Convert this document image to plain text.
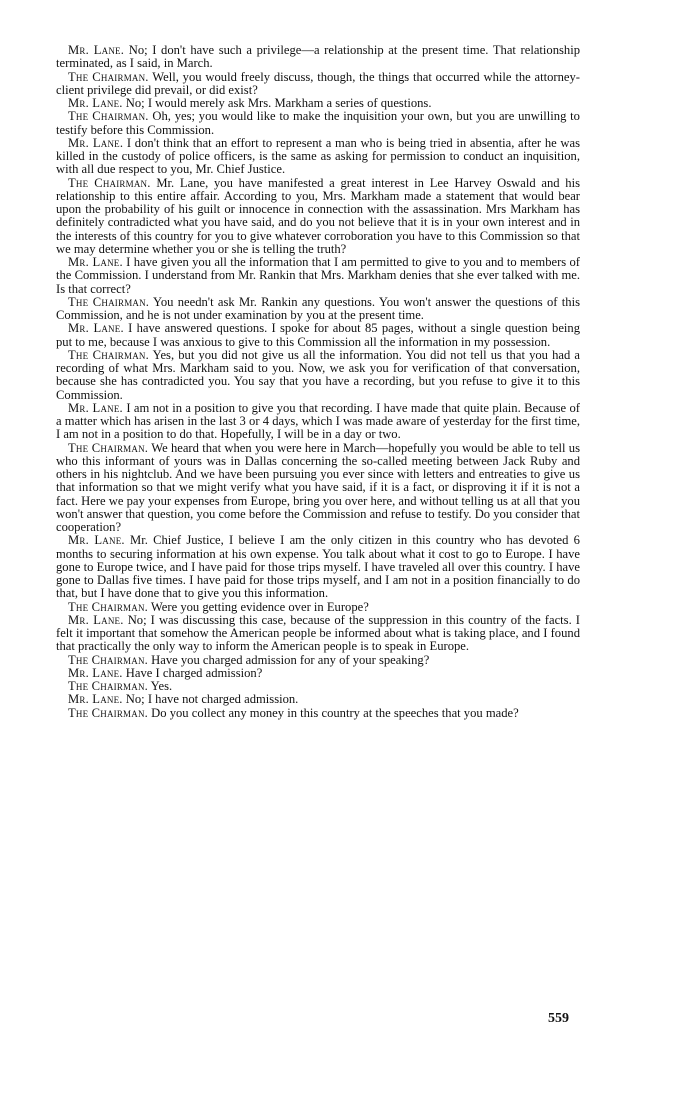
Mr. Lane. No; I don't have such a privilege—a relationship at the present time. That relationship terminated, as I said, in March.

The Chairman. Well, you would freely discuss, though, the things that occurred while the attorney-client privilege did prevail, or did exist?

Mr. Lane. No; I would merely ask Mrs. Markham a series of questions.

The Chairman. Oh, yes; you would like to make the inquisition your own, but you are unwilling to testify before this Commission.

Mr. Lane. I don't think that an effort to represent a man who is being tried in absentia, after he was killed in the custody of police officers, is the same as asking for permission to conduct an inquisition, with all due respect to you, Mr. Chief Justice.

The Chairman. Mr. Lane, you have manifested a great interest in Lee Harvey Oswald and his relationship to this entire affair. According to you, Mrs. Markham made a statement that would bear upon the probability of his guilt or innocence in connection with the assassination. Mrs Markham has definitely contradicted what you have said, and do you not believe that it is in your own interest and in the interests of this country for you to give whatever corroboration you have to this Commission so that we may determine whether you or she is telling the truth?

Mr. Lane. I have given you all the information that I am permitted to give to you and to members of the Commission. I understand from Mr. Rankin that Mrs. Markham denies that she ever talked with me. Is that correct?

The Chairman. You needn't ask Mr. Rankin any questions. You won't answer the questions of this Commission, and he is not under examination by you at the present time.

Mr. Lane. I have answered questions. I spoke for about 85 pages, without a single question being put to me, because I was anxious to give to this Commission all the information in my possession.

The Chairman. Yes, but you did not give us all the information. You did not tell us that you had a recording of what Mrs. Markham said to you. Now, we ask you for verification of that conversation, because she has contradicted you. You say that you have a recording, but you refuse to give it to this Commission.

Mr. Lane. I am not in a position to give you that recording. I have made that quite plain. Because of a matter which has arisen in the last 3 or 4 days, which I was made aware of yesterday for the first time, I am not in a position to do that. Hopefully, I will be in a day or two.

The Chairman. We heard that when you were here in March—hopefully you would be able to tell us who this informant of yours was in Dallas concerning the so-called meeting between Jack Ruby and others in his nightclub. And we have been pursuing you ever since with letters and entreaties to give us that information so that we might verify what you have said, if it is a fact, or disproving it if it is not a fact. Here we pay your expenses from Europe, bring you over here, and without telling us at all that you won't answer that question, you come before the Commission and refuse to testify. Do you consider that cooperation?

Mr. Lane. Mr. Chief Justice, I believe I am the only citizen in this country who has devoted 6 months to securing information at his own expense. You talk about what it cost to go to Europe. I have gone to Europe twice, and I have paid for those trips myself. I have traveled all over this country. I have gone to Dallas five times. I have paid for those trips myself, and I am not in a position financially to do that, but I have done that to give you this information.

The Chairman. Were you getting evidence over in Europe?

Mr. Lane. No; I was discussing this case, because of the suppression in this country of the facts. I felt it important that somehow the American people be informed about what is taking place, and I found that practically the only way to inform the American people is to speak in Europe.

The Chairman. Have you charged admission for any of your speaking?

Mr. Lane. Have I charged admission?

The Chairman. Yes.

Mr. Lane. No; I have not charged admission.

The Chairman. Do you collect any money in this country at the speeches that you made?

559
